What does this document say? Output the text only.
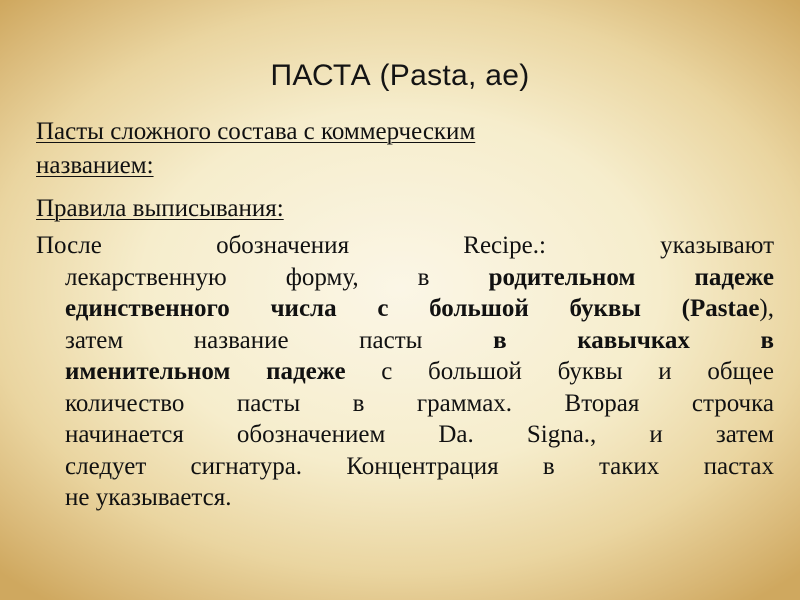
ПАСТА (Pasta, ae)
Пасты сложного состава с коммерческим
названием:
Правила выписывания:
После обозначения Recipe.: указывают
лекарственную форму, в родительном падеже
единственного числа с большой буквы (Pastae),
затем название пасты в кавычках в
именительном падеже с большой буквы и общее
количество пасты в граммах. Вторая строчка
начинается обозначением Da. Signa., и затем
следует сигнатура. Концентрация в таких пастах
не указывается.
